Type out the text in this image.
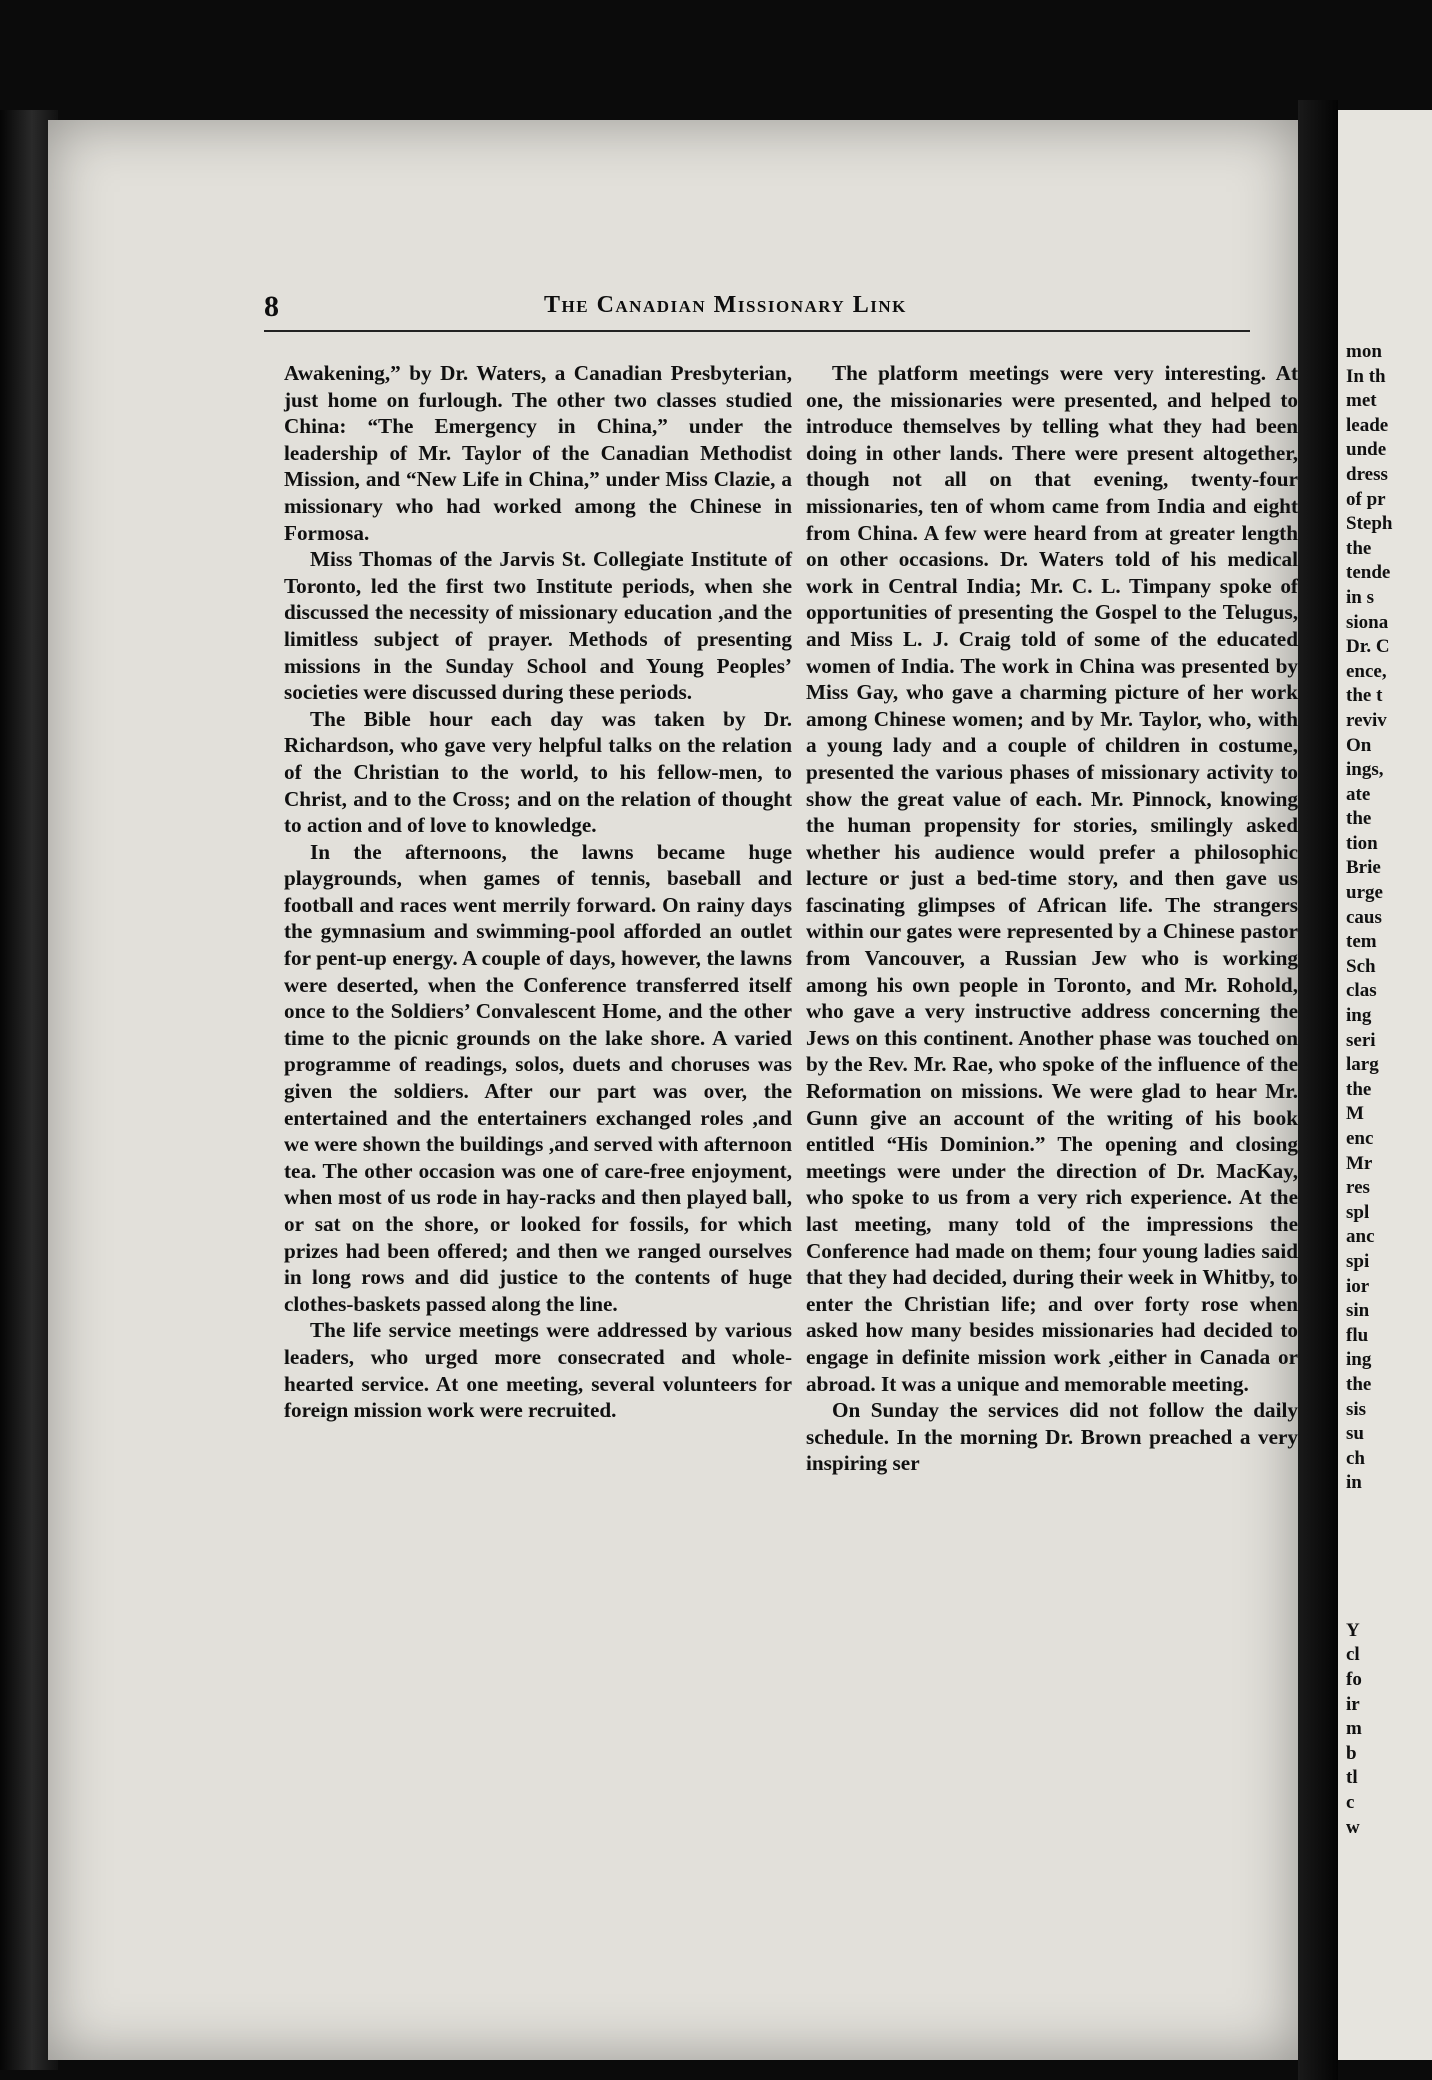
8	The Canadian Missionary Link

Awakening,” by Dr. Waters, a Canadian Presbyterian, just home on furlough. The other two classes studied China: “The Emergency in China,” under the leadership of Mr. Taylor of the Canadian Methodist Mission, and “New Life in China,” under Miss Clazie, a missionary who had worked among the Chinese in Formosa.

Miss Thomas of the Jarvis St. Collegiate Institute of Toronto, led the first two Institute periods, when she discussed the necessity of missionary education ,and the limitless subject of prayer. Methods of presenting missions in the Sunday School and Young Peoples’ societies were discussed during these periods.

The Bible hour each day was taken by Dr. Richardson, who gave very helpful talks on the relation of the Christian to the world, to his fellow-men, to Christ, and to the Cross; and on the relation of thought to action and of love to knowledge.

In the afternoons, the lawns became huge playgrounds, when games of tennis, baseball and football and races went merrily forward. On rainy days the gymnasium and swimming-pool afforded an outlet for pent-up energy. A couple of days, however, the lawns were deserted, when the Conference transferred itself once to the Soldiers’ Convalescent Home, and the other time to the picnic grounds on the lake shore. A varied programme of readings, solos, duets and choruses was given the soldiers. After our part was over, the entertained and the entertainers exchanged roles ,and we were shown the buildings ,and served with afternoon tea. The other occasion was one of care-free enjoyment, when most of us rode in hay-racks and then played ball, or sat on the shore, or looked for fossils, for which prizes had been offered; and then we ranged ourselves in long rows and did justice to the contents of huge clothes-baskets passed along the line.

The life service meetings were addressed by various leaders, who urged more consecrated and whole-hearted service. At one meeting, several volunteers for foreign mission work were recruited.

The platform meetings were very interesting. At one, the missionaries were presented, and helped to introduce themselves by telling what they had been doing in other lands. There were present altogether, though not all on that evening, twenty-four missionaries, ten of whom came from India and eight from China. A few were heard from at greater length on other occasions. Dr. Waters told of his medical work in Central India; Mr. C. L. Timpany spoke of opportunities of presenting the Gospel to the Telugus, and Miss L. J. Craig told of some of the educated women of India. The work in China was presented by Miss Gay, who gave a charming picture of her work among Chinese women; and by Mr. Taylor, who, with a young lady and a couple of children in costume, presented the various phases of missionary activity to show the great value of each. Mr. Pinnock, knowing the human propensity for stories, smilingly asked whether his audience would prefer a philosophic lecture or just a bed-time story, and then gave us fascinating glimpses of African life. The strangers within our gates were represented by a Chinese pastor from Vancouver, a Russian Jew who is working among his own people in Toronto, and Mr. Rohold, who gave a very instructive address concerning the Jews on this continent. Another phase was touched on by the Rev. Mr. Rae, who spoke of the influence of the Reformation on missions. We were glad to hear Mr. Gunn give an account of the writing of his book entitled “His Dominion.” The opening and closing meetings were under the direction of Dr. MacKay, who spoke to us from a very rich experience. At the last meeting, many told of the impressions the Conference had made on them; four young ladies said that they had decided, during their week in Whitby, to enter the Christian life; and over forty rose when asked how many besides missionaries had decided to engage in definite mission work ,either in Canada or abroad. It was a unique and memorable meeting.

On Sunday the services did not follow the daily schedule. In the morning Dr. Brown preached a very inspiring ser

mon
In th
met
leade
unde
dress
of pr
Steph
the
tende
in s
siona
Dr. C
ence,
the t
reviv
On
ings,
ate
the
tion
Brie
urge
caus
tem
Sch
clas
ing
seri
larg
the
M
enc
Mr
res
spl
anc
spi
ior
sin
flu
ing
the
sis
su
ch
in

Y
cl
fo
ir
m
b
tl
c
w
